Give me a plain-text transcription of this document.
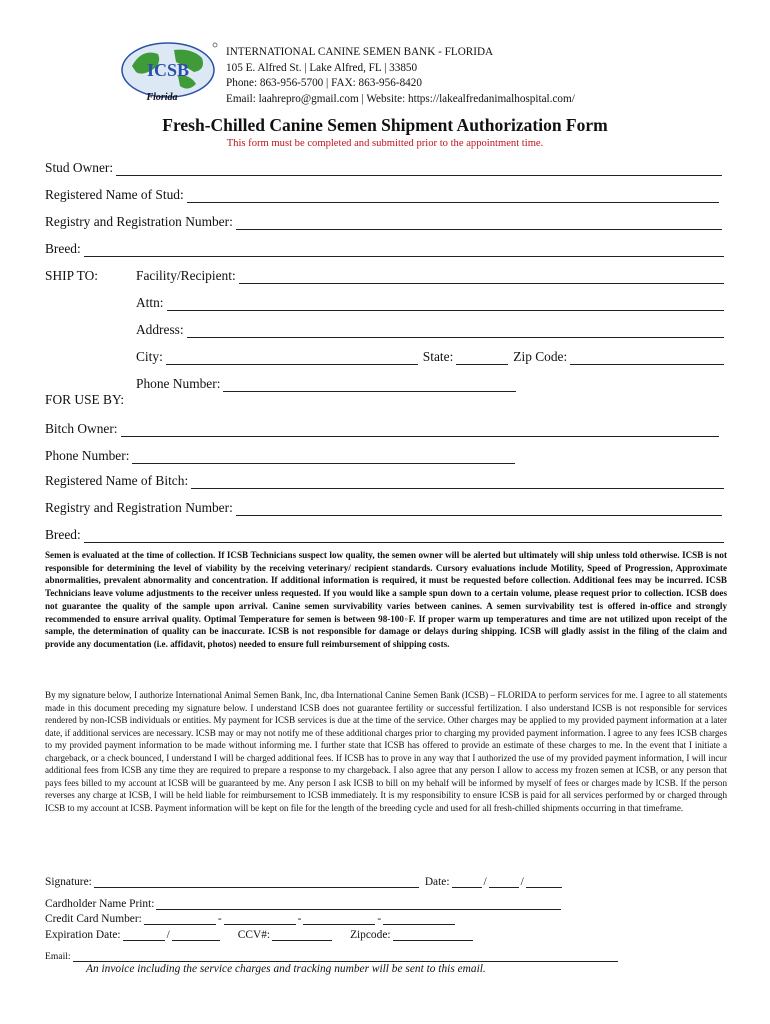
ICSB
Florida
INTERNATIONAL CANINE SEMEN BANK - FLORIDA
105 E. Alfred St. | Lake Alfred, FL | 33850
Phone: 863-956-5700 | FAX: 863-956-8420
Email: laahrepro@gmail.com | Website: https://lakealfredanimalhospital.com/
Fresh-Chilled Canine Semen Shipment Authorization Form
This form must be completed and submitted prior to the appointment time.
Stud Owner:
Registered Name of Stud:
Registry and Registration Number:
Breed:
SHIP TO:	Facility/Recipient:
Attn:
Address:
City:	State:	Zip Code:
Phone Number:
FOR USE BY:
Bitch Owner:
Phone Number:
Registered Name of Bitch:
Registry and Registration Number:
Breed:
Semen is evaluated at the time of collection. If ICSB Technicians suspect low quality, the semen owner will be alerted but ultimately will ship unless told otherwise. ICSB is not responsible for determining the level of viability by the receiving veterinary/ recipient standards. Cursory evaluations include Motility, Speed of Progression, Approximate abnormalities, prevalent abnormality and concentration. If additional information is required, it must be requested before collection. Additional fees may be incurred. ICSB Technicians leave volume adjustments to the receiver unless requested. If you would like a sample spun down to a certain volume, please request prior to collection. ICSB does not guarantee the quality of the sample upon arrival. Canine semen survivability varies between canines. A semen survivability test is offered in-office and strongly recommended to ensure arrival quality. Optimal Temperature for semen is between 98-100◦F. If proper warm up temperatures and time are not utilized upon receipt of the sample, the determination of quality can be inaccurate. ICSB is not responsible for damage or delays during shipping. ICSB will gladly assist in the filing of the claim and provide any documentation (i.e. affidavit, photos) needed to ensure full reimbursement of shipping costs.
By my signature below, I authorize International Animal Semen Bank, Inc, dba International Canine Semen Bank (ICSB) – FLORIDA to perform services for me. I agree to all statements made in this document preceding my signature below. I understand ICSB does not guarantee fertility or successful fertilization. I also understand ICSB is not responsible for services rendered by non-ICSB individuals or entities. My payment for ICSB services is due at the time of the service. Other charges may be applied to my provided payment information at a later date, if additional services are necessary. ICSB may or may not notify me of these additional charges prior to charging my provided payment information. I agree to any fees ICSB charges to my provided payment information to be made without informing me. I further state that ICSB has offered to provide an estimate of these charges to me. In the event that I initiate a chargeback, or a check bounced, I understand I will be charged additional fees. If ICSB has to prove in any way that I authorized the use of my provided payment information, I will incur additional fees from ICSB any time they are required to prepare a response to my chargeback. I also agree that any person I allow to access my frozen semen at ICSB, or any person that pays fees billed to my account at ICSB will be guaranteed by me. Any person I ask ICSB to bill on my behalf will be informed by myself of fees or charges made by ICSB. If the person reverses any charge at ICSB, I will be held liable for reimbursement to ICSB immediately. It is my responsibility to ensure ICSB is paid for all services performed by or charged through ICSB to my account at ICSB. Payment information will be kept on file for the length of the breeding cycle and used for all fresh-chilled shipments occurring in that timeframe.
Signature:	Date:	/	/
Cardholder Name Print:
Credit Card Number:	-	-	-
Expiration Date:	/	CCV#:	Zipcode:
Email:
An invoice including the service charges and tracking number will be sent to this email.
